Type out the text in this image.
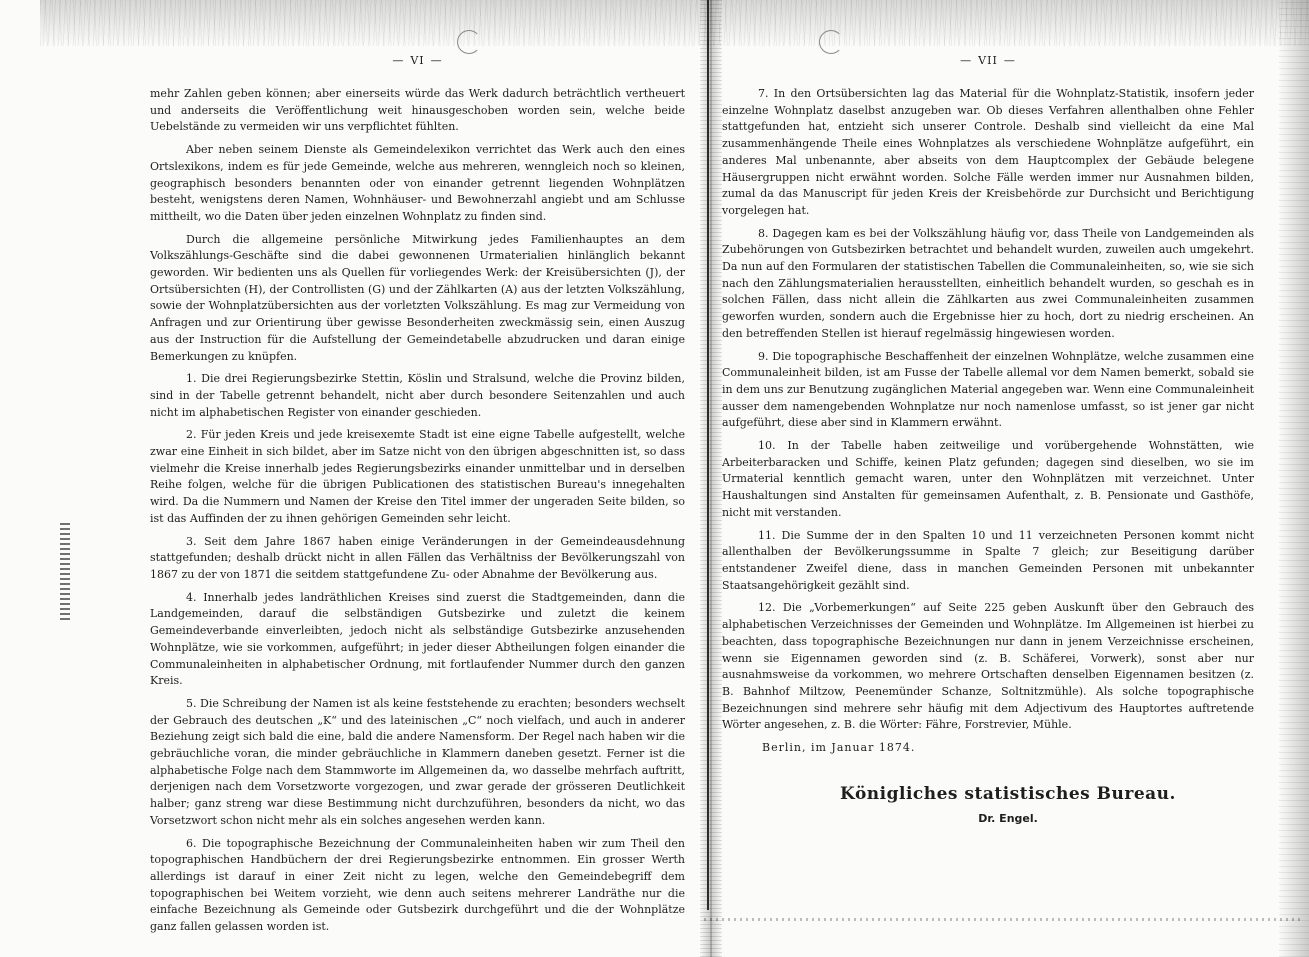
— VI —

mehr Zahlen geben können; aber einerseits würde das Werk dadurch beträchtlich vertheuert und anderseits die Veröffentlichung weit hinausgeschoben worden sein, welche beide Uebelstände zu vermeiden wir uns verpflichtet fühlten.

Aber neben seinem Dienste als Gemeindelexikon verrichtet das Werk auch den eines Ortslexikons, indem es für jede Gemeinde, welche aus mehreren, wenngleich noch so kleinen, geographisch besonders benannten oder von einander getrennt liegenden Wohnplätzen besteht, wenigstens deren Namen, Wohnhäuser- und Bewohnerzahl angiebt und am Schlusse mittheilt, wo die Daten über jeden einzelnen Wohnplatz zu finden sind.

Durch die allgemeine persönliche Mitwirkung jedes Familienhauptes an dem Volkszählungs-Geschäfte sind die dabei gewonnenen Urmaterialien hinlänglich bekannt geworden. Wir bedienten uns als Quellen für vorliegendes Werk: der Kreisübersichten (J), der Ortsübersichten (H), der Controllisten (G) und der Zählkarten (A) aus der letzten Volkszählung, sowie der Wohnplatzübersichten aus der vorletzten Volkszählung. Es mag zur Vermeidung von Anfragen und zur Orientirung über gewisse Besonderheiten zweckmässig sein, einen Auszug aus der Instruction für die Aufstellung der Gemeindetabelle abzudrucken und daran einige Bemerkungen zu knüpfen.

1. Die drei Regierungsbezirke Stettin, Köslin und Stralsund, welche die Provinz bilden, sind in der Tabelle getrennt behandelt, nicht aber durch besondere Seitenzahlen und auch nicht im alphabetischen Register von einander geschieden.

2. Für jeden Kreis und jede kreisexemte Stadt ist eine eigne Tabelle aufgestellt, welche zwar eine Einheit in sich bildet, aber im Satze nicht von den übrigen abgeschnitten ist, so dass vielmehr die Kreise innerhalb jedes Regierungsbezirks einander unmittelbar und in derselben Reihe folgen, welche für die übrigen Publicationen des statistischen Bureau's innegehalten wird. Da die Nummern und Namen der Kreise den Titel immer der ungeraden Seite bilden, so ist das Auffinden der zu ihnen gehörigen Gemeinden sehr leicht.

3. Seit dem Jahre 1867 haben einige Veränderungen in der Gemeindeausdehnung stattgefunden; deshalb drückt nicht in allen Fällen das Verhältniss der Bevölkerungszahl von 1867 zu der von 1871 die seitdem stattgefundene Zu- oder Abnahme der Bevölkerung aus.

4. Innerhalb jedes landräthlichen Kreises sind zuerst die Stadtgemeinden, dann die Landgemeinden, darauf die selbständigen Gutsbezirke und zuletzt die keinem Gemeindeverbande einverleibten, jedoch nicht als selbständige Gutsbezirke anzusehenden Wohnplätze, wie sie vorkommen, aufgeführt; in jeder dieser Abtheilungen folgen einander die Communaleinheiten in alphabetischer Ordnung, mit fortlaufender Nummer durch den ganzen Kreis.

5. Die Schreibung der Namen ist als keine feststehende zu erachten; besonders wechselt der Gebrauch des deutschen „K“ und des lateinischen „C“ noch vielfach, und auch in anderer Beziehung zeigt sich bald die eine, bald die andere Namensform. Der Regel nach haben wir die gebräuchliche voran, die minder gebräuchliche in Klammern daneben gesetzt. Ferner ist die alphabetische Folge nach dem Stammworte im Allgemeinen da, wo dasselbe mehrfach auftritt, derjenigen nach dem Vorsetzworte vorgezogen, und zwar gerade der grösseren Deutlichkeit halber; ganz streng war diese Bestimmung nicht durchzuführen, besonders da nicht, wo das Vorsetzwort schon nicht mehr als ein solches angesehen werden kann.

6. Die topographische Bezeichnung der Communaleinheiten haben wir zum Theil den topographischen Handbüchern der drei Regierungsbezirke entnommen. Ein grosser Werth allerdings ist darauf in einer Zeit nicht zu legen, welche den Gemeindebegriff dem topographischen bei Weitem vorzieht, wie denn auch seitens mehrerer Landräthe nur die einfache Bezeichnung als Gemeinde oder Gutsbezirk durchgeführt und die der Wohnplätze ganz fallen gelassen worden ist.

— VII —

7. In den Ortsübersichten lag das Material für die Wohnplatz-Statistik, insofern jeder einzelne Wohnplatz daselbst anzugeben war. Ob dieses Verfahren allenthalben ohne Fehler stattgefunden hat, entzieht sich unserer Controle. Deshalb sind vielleicht da eine Mal zusammenhängende Theile eines Wohnplatzes als verschiedene Wohnplätze aufgeführt, ein anderes Mal unbenannte, aber abseits von dem Hauptcomplex der Gebäude belegene Häusergruppen nicht erwähnt worden. Solche Fälle werden immer nur Ausnahmen bilden, zumal da das Manuscript für jeden Kreis der Kreisbehörde zur Durchsicht und Berichtigung vorgelegen hat.

8. Dagegen kam es bei der Volkszählung häufig vor, dass Theile von Landgemeinden als Zubehörungen von Gutsbezirken betrachtet und behandelt wurden, zuweilen auch umgekehrt. Da nun auf den Formularen der statistischen Tabellen die Communaleinheiten, so, wie sie sich nach den Zählungsmaterialien herausstellten, einheitlich behandelt wurden, so geschah es in solchen Fällen, dass nicht allein die Zählkarten aus zwei Communaleinheiten zusammen geworfen wurden, sondern auch die Ergebnisse hier zu hoch, dort zu niedrig erscheinen. An den betreffenden Stellen ist hierauf regelmässig hingewiesen worden.

9. Die topographische Beschaffenheit der einzelnen Wohnplätze, welche zusammen eine Communaleinheit bilden, ist am Fusse der Tabelle allemal vor dem Namen bemerkt, sobald sie in dem uns zur Benutzung zugänglichen Material angegeben war. Wenn eine Communaleinheit ausser dem namengebenden Wohnplatze nur noch namenlose umfasst, so ist jener gar nicht aufgeführt, diese aber sind in Klammern erwähnt.

10. In der Tabelle haben zeitweilige und vorübergehende Wohnstätten, wie Arbeiterbaracken und Schiffe, keinen Platz gefunden; dagegen sind dieselben, wo sie im Urmaterial kenntlich gemacht waren, unter den Wohnplätzen mit verzeichnet. Unter Haushaltungen sind Anstalten für gemeinsamen Aufenthalt, z. B. Pensionate und Gasthöfe, nicht mit verstanden.

11. Die Summe der in den Spalten 10 und 11 verzeichneten Personen kommt nicht allenthalben der Bevölkerungssumme in Spalte 7 gleich; zur Beseitigung darüber entstandener Zweifel diene, dass in manchen Gemeinden Personen mit unbekannter Staatsangehörigkeit gezählt sind.

12. Die „Vorbemerkungen“ auf Seite 225 geben Auskunft über den Gebrauch des alphabetischen Verzeichnisses der Gemeinden und Wohnplätze. Im Allgemeinen ist hierbei zu beachten, dass topographische Bezeichnungen nur dann in jenem Verzeichnisse erscheinen, wenn sie Eigennamen geworden sind (z. B. Schäferei, Vorwerk), sonst aber nur ausnahmsweise da vorkommen, wo mehrere Ortschaften denselben Eigennamen besitzen (z. B. Bahnhof Miltzow, Peenemünder Schanze, Soltnitzmühle). Als solche topographische Bezeichnungen sind mehrere sehr häufig mit dem Adjectivum des Hauptortes auftretende Wörter angesehen, z. B. die Wörter: Fähre, Forstrevier, Mühle.

Berlin, im Januar 1874.
Königliches statistisches Bureau.
Dr. Engel.
